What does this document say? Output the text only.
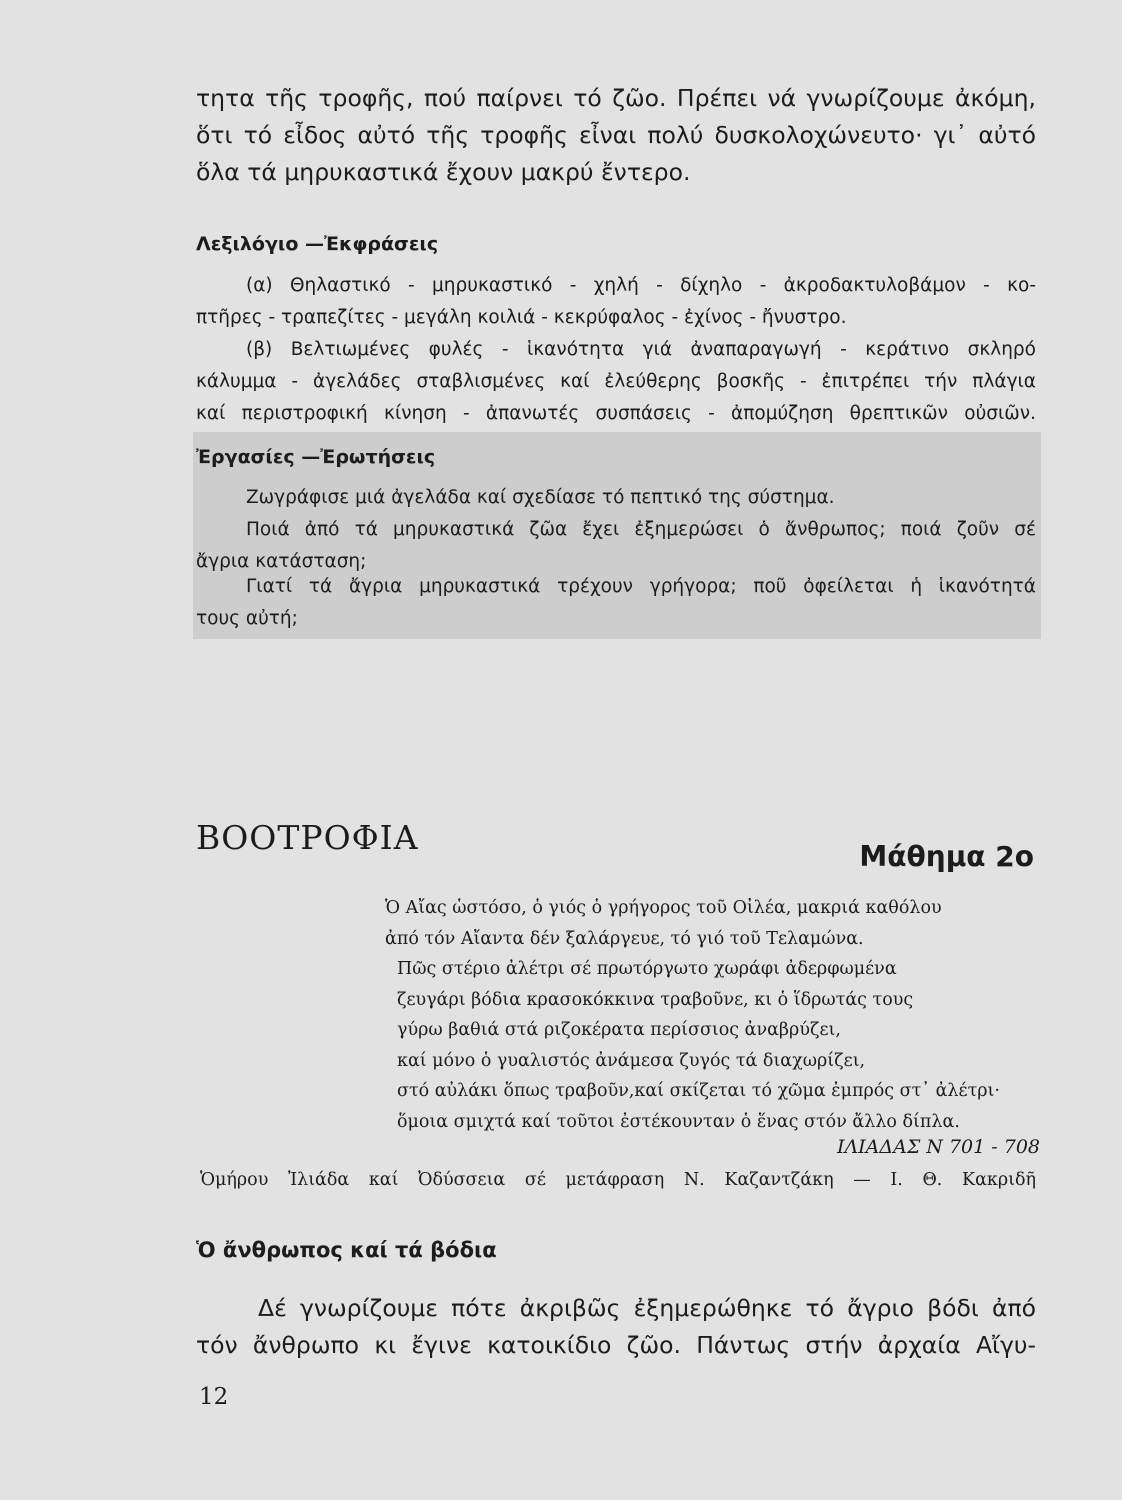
τητα τῆς τροφῆς, πού παίρνει τό ζῶο. Πρέπει νά γνωρίζουμε ἀκόμη,
ὅτι τό εἶδος αὐτό τῆς τροφῆς εἶναι πολύ δυσκολοχώνευτο· γι᾽ αὐτό
ὅλα τά μηρυκαστικά ἔχουν μακρύ ἔντερο.
Λεξιλόγιο —Ἐκφράσεις
(α) Θηλαστικό - μηρυκαστικό - χηλή - δίχηλο - ἀκροδακτυλοβάμον - κο-
πτῆρες - τραπεζίτες - μεγάλη κοιλιά - κεκρύφαλος - ἐχίνος - ἤνυστρο.
(β) Βελτιωμένες φυλές - ἱκανότητα γιά ἀναπαραγωγή - κεράτινο σκληρό
κάλυμμα - ἀγελάδες σταβλισμένες καί ἐλεύθερης βοσκῆς - ἐπιτρέπει τήν πλάγια
καί περιστροφική κίνηση - ἀπανωτές συσπάσεις - ἀπομύζηση θρεπτικῶν οὐσιῶν.
Ἐργασίες —Ἐρωτήσεις
Ζωγράφισε μιά ἀγελάδα καί σχεδίασε τό πεπτικό της σύστημα.
Ποιά ἀπό τά μηρυκαστικά ζῶα ἔχει ἐξημερώσει ὁ ἄνθρωπος; ποιά ζοῦν σέ
ἄγρια κατάσταση;
Γιατί τά ἄγρια μηρυκαστικά τρέχουν γρήγορα; ποῦ ὀφείλεται ἡ ἱκανότητά
τους αὐτή;
Μάθημα 2ο
ΒΟΟΤΡΟΦΙΑ
Ὁ Αἴας ὡστόσο, ὁ γιός ὁ γρήγορος τοῦ Οἰλέα, μακριά καθόλου
ἀπό τόν Αἴαντα δέν ξαλάργευε, τό γιό τοῦ Τελαμώνα.
Πῶς στέριο ἀλέτρι σέ πρωτόργωτο χωράφι ἀδερφωμένα
ζευγάρι βόδια κρασοκόκκινα τραβοῦνε, κι ὁ ἵδρωτάς τους
γύρω βαθιά στά ριζοκέρατα περίσσιος ἀναβρύζει,
καί μόνο ὁ γυαλιστός ἀνάμεσα ζυγός τά διαχωρίζει,
στό αὐλάκι ὅπως τραβοῦν,καί σκίζεται τό χῶμα ἐμπρός στ᾽ ἀλέτρι·
ὅμοια σμιχτά καί τοῦτοι ἐστέκουνταν ὁ ἕνας στόν ἄλλο δίπλα.

ΙΛΙΑΔΑΣ Ν 701 - 708

Ὁμήρου Ἰλιάδα καί Ὀδύσσεια σέ μετάφραση Ν. Καζαντζάκη — Ι. Θ. Κακριδῆ

Ὁ ἄνθρωπος καί τά βόδια
Δέ γνωρίζουμε πότε ἀκριβῶς ἐξημερώθηκε τό ἄγριο βόδι ἀπό
τόν ἄνθρωπο κι ἔγινε κατοικίδιο ζῶο. Πάντως στήν ἀρχαία Αἴγυ-

12
